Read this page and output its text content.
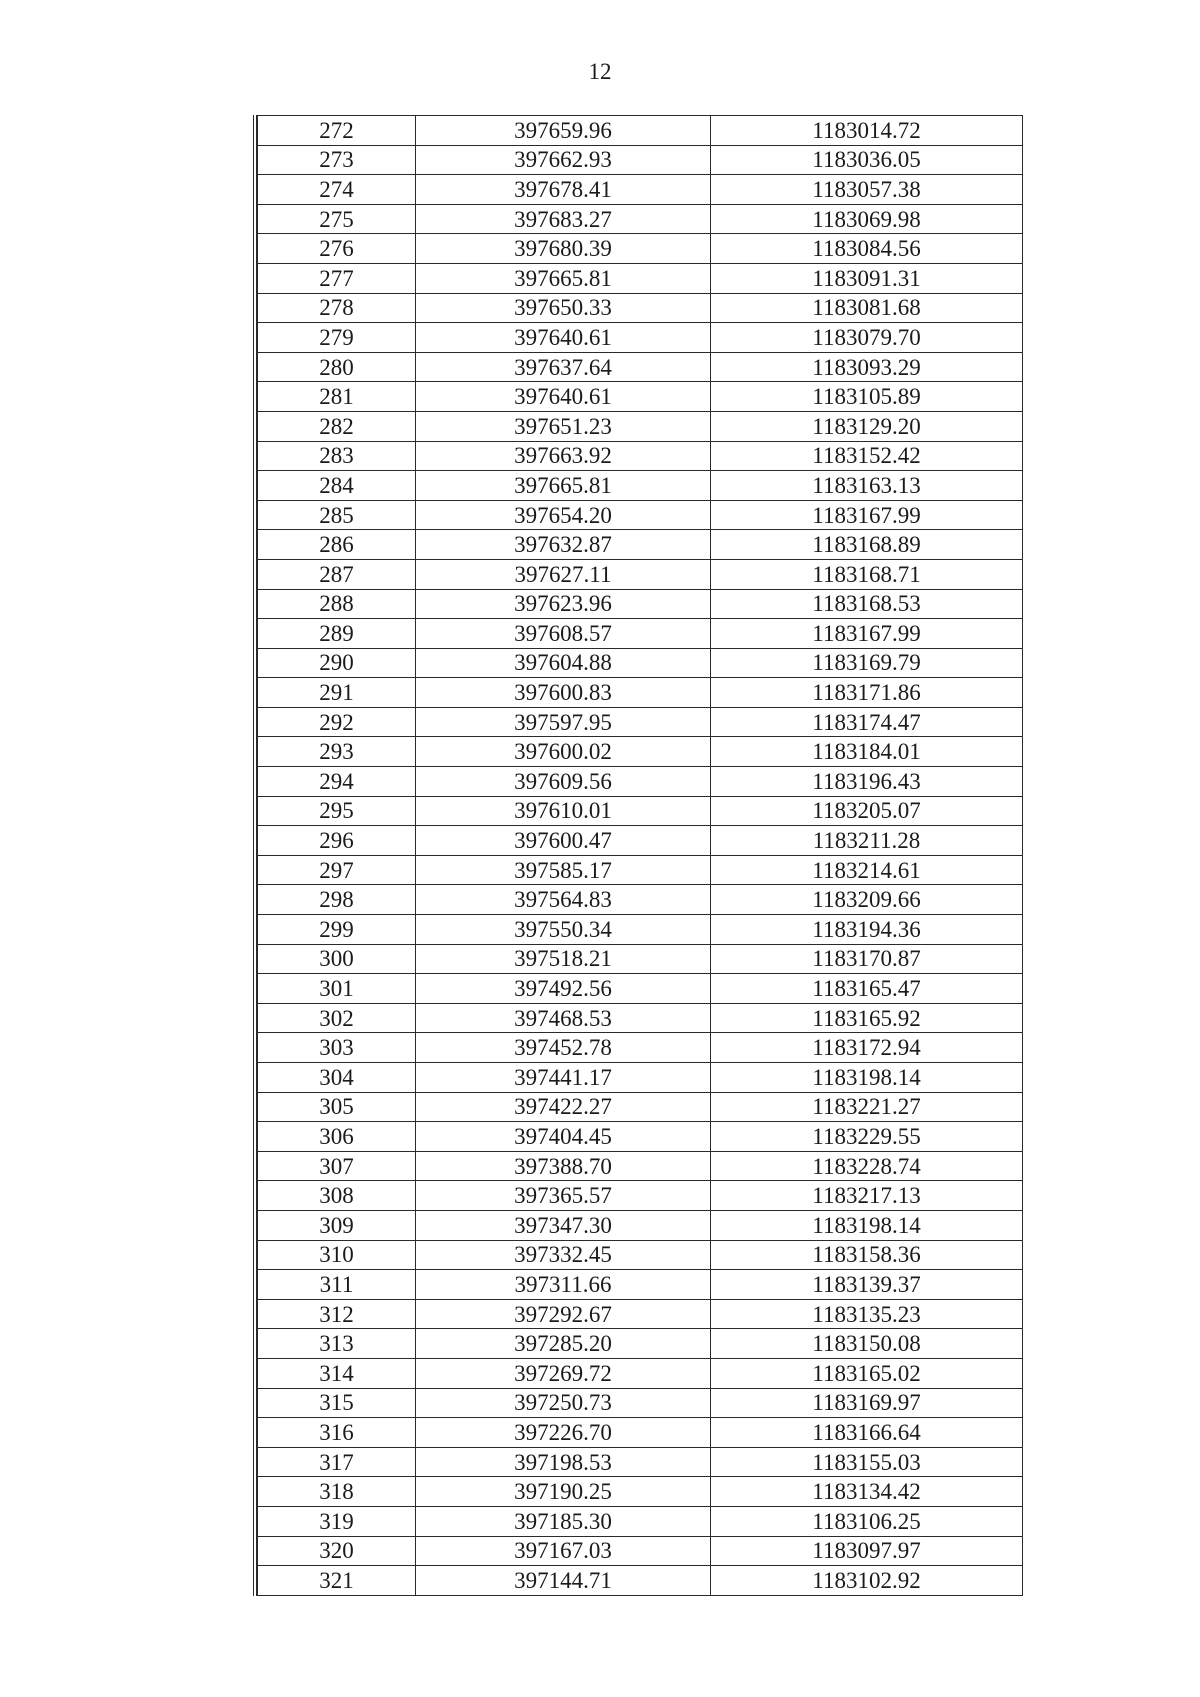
12
272	397659.96	1183014.72
273	397662.93	1183036.05
274	397678.41	1183057.38
275	397683.27	1183069.98
276	397680.39	1183084.56
277	397665.81	1183091.31
278	397650.33	1183081.68
279	397640.61	1183079.70
280	397637.64	1183093.29
281	397640.61	1183105.89
282	397651.23	1183129.20
283	397663.92	1183152.42
284	397665.81	1183163.13
285	397654.20	1183167.99
286	397632.87	1183168.89
287	397627.11	1183168.71
288	397623.96	1183168.53
289	397608.57	1183167.99
290	397604.88	1183169.79
291	397600.83	1183171.86
292	397597.95	1183174.47
293	397600.02	1183184.01
294	397609.56	1183196.43
295	397610.01	1183205.07
296	397600.47	1183211.28
297	397585.17	1183214.61
298	397564.83	1183209.66
299	397550.34	1183194.36
300	397518.21	1183170.87
301	397492.56	1183165.47
302	397468.53	1183165.92
303	397452.78	1183172.94
304	397441.17	1183198.14
305	397422.27	1183221.27
306	397404.45	1183229.55
307	397388.70	1183228.74
308	397365.57	1183217.13
309	397347.30	1183198.14
310	397332.45	1183158.36
311	397311.66	1183139.37
312	397292.67	1183135.23
313	397285.20	1183150.08
314	397269.72	1183165.02
315	397250.73	1183169.97
316	397226.70	1183166.64
317	397198.53	1183155.03
318	397190.25	1183134.42
319	397185.30	1183106.25
320	397167.03	1183097.97
321	397144.71	1183102.92
